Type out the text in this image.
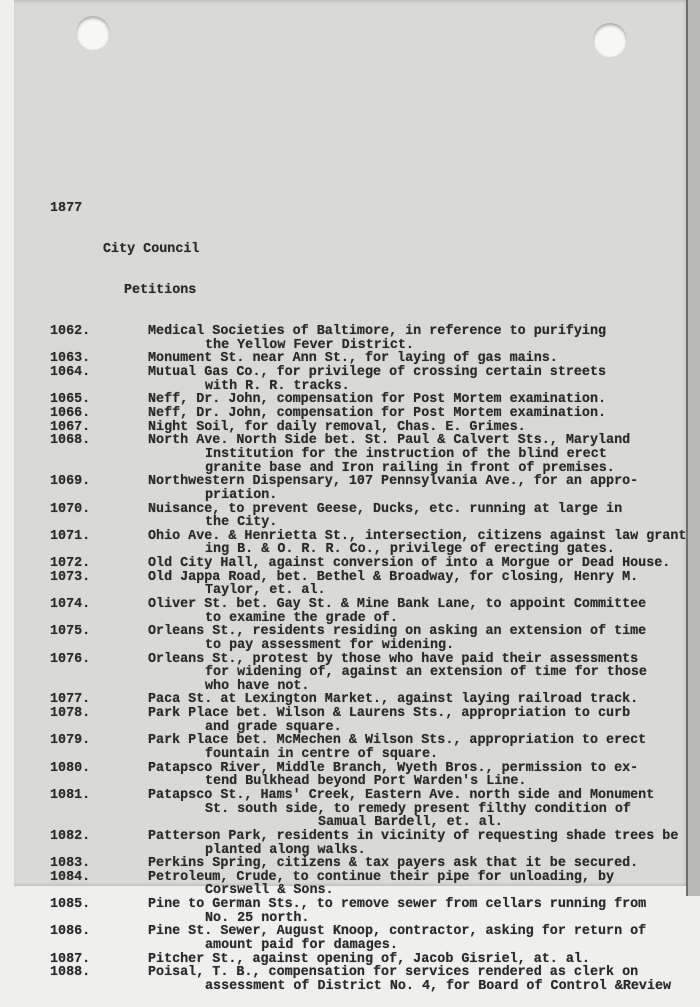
1877

City Council

Petitions

1062.	Medical Societies of Baltimore, in reference to purifying
the Yellow Fever District.
1063.	Monument St. near Ann St., for laying of gas mains.
1064.	Mutual Gas Co., for privilege of crossing certain streets
with R. R. tracks.
1065.	Neff, Dr. John, compensation for Post Mortem examination.
1066.	Neff, Dr. John, compensation for Post Mortem examination.
1067.	Night Soil, for daily removal, Chas. E. Grimes.
1068.	North Ave. North Side bet. St. Paul & Calvert Sts., Maryland
Institution for the instruction of the blind erect
granite base and Iron railing in front of premises.
1069.	Northwestern Dispensary, 107 Pennsylvania Ave., for an appro-
priation.
1070.	Nuisance, to prevent Geese, Ducks, etc. running at large in
the City.
1071.	Ohio Ave. & Henrietta St., intersection, citizens against law grant
ing B. & O. R. R. Co., privilege of erecting gates.
1072.	Old City Hall, against conversion of into a Morgue or Dead House.
1073.	Old Jappa Road, bet. Bethel & Broadway, for closing, Henry M.
Taylor, et. al.
1074.	Oliver St. bet. Gay St. & Mine Bank Lane, to appoint Committee
to examine the grade of.
1075.	Orleans St., residents residing on asking an extension of time
to pay assessment for widening.
1076.	Orleans St., protest by those who have paid their assessments
for widening of, against an extension of time for those
who have not.
1077.	Paca St. at Lexington Market., against laying railroad track.
1078.	Park Place bet. Wilson & Laurens Sts., appropriation to curb
and grade square.
1079.	Park Place bet. McMechen & Wilson Sts., appropriation to erect
fountain in centre of square.
1080.	Patapsco River, Middle Branch, Wyeth Bros., permission to ex-
tend Bulkhead beyond Port Warden's Line.
1081.	Patapsco St., Hams' Creek, Eastern Ave. north side and Monument
St. south side, to remedy present filthy condition of
Samual Bardell, et. al.
1082.	Patterson Park, residents in vicinity of requesting shade trees be
planted along walks.
1083.	Perkins Spring, citizens & tax payers ask that it be secured.
1084.	Petroleum, Crude, to continue their pipe for unloading, by
Corswell & Sons.
1085.	Pine to German Sts., to remove sewer from cellars running from
No. 25 north.
1086.	Pine St. Sewer, August Knoop, contractor, asking for return of
amount paid for damages.
1087.	Pitcher St., against opening of, Jacob Gisriel, at. al.
1088.	Poisal, T. B., compensation for services rendered as clerk on
assessment of District No. 4, for Board of Control &Review
